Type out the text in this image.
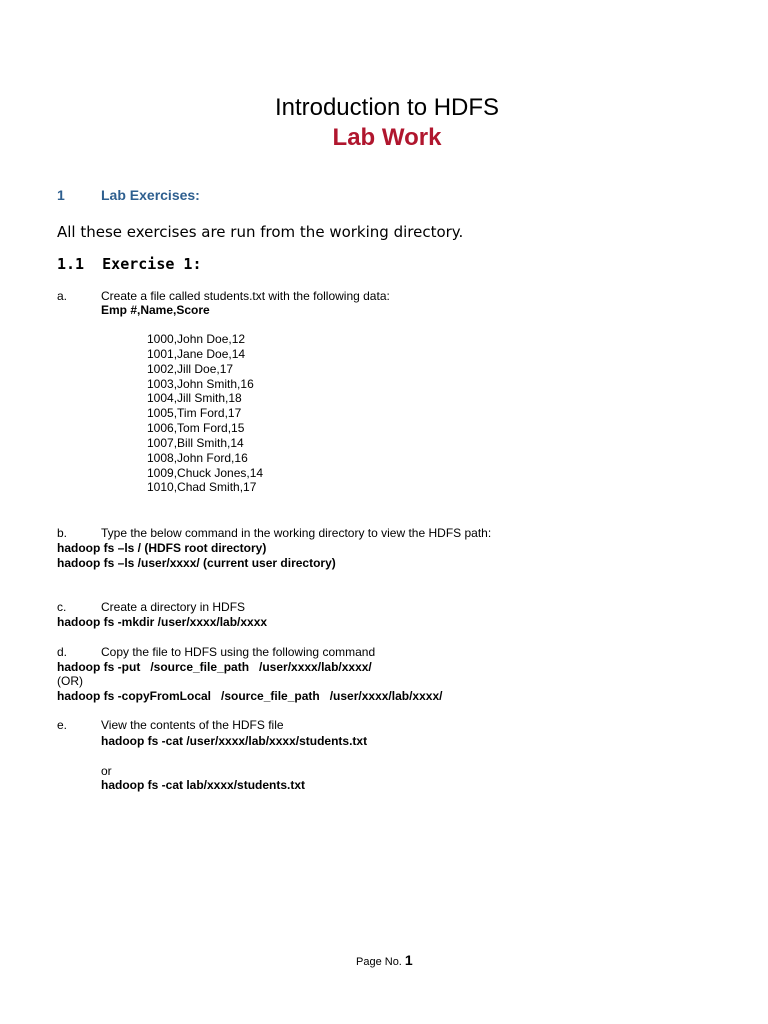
Introduction to HDFS
Lab Work
1	Lab Exercises:
All these exercises are run from the working directory.
1.1 Exercise 1:
a.	Create a file called students.txt with the following data:
Emp #,Name,Score
1000,John Doe,12
1001,Jane Doe,14
1002,Jill Doe,17
1003,John Smith,16
1004,Jill Smith,18
1005,Tim Ford,17
1006,Tom Ford,15
1007,Bill Smith,14
1008,John Ford,16
1009,Chuck Jones,14
1010,Chad Smith,17
b.	Type the below command in the working directory to view the HDFS path:
hadoop fs –ls / (HDFS root directory)
hadoop fs –ls /user/xxxx/ (current user directory)
c.	Create a directory in HDFS
hadoop fs -mkdir /user/xxxx/lab/xxxx
d.	Copy the file to HDFS using the following command
hadoop fs -put   /source_file_path   /user/xxxx/lab/xxxx/
(OR)
hadoop fs -copyFromLocal   /source_file_path   /user/xxxx/lab/xxxx/
e.	View the contents of the HDFS file
hadoop fs -cat /user/xxxx/lab/xxxx/students.txt
or
hadoop fs -cat lab/xxxx/students.txt
Page No. 1
